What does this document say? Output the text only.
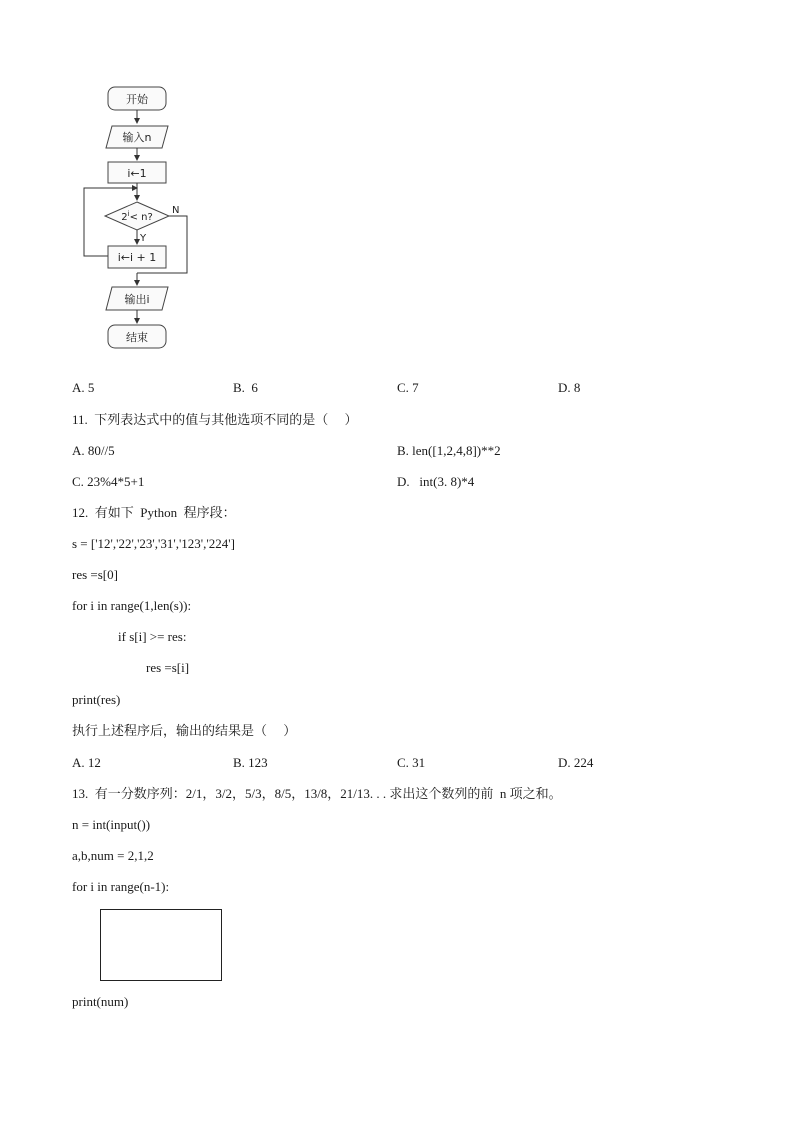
开始
输入n
i←1
$2^i< n$?
N
Y
i←i + 1
输出i
结束
A. 5	B.  6	C. 7	D. 8
11.  下列表达式中的值与其他选项不同的是（     ）
A. 80//5	B. len([1,2,4,8])**2
C. 23%4*5+1	D.   int(3. 8)*4
12.  有如下  Python  程序段：
s = ['12','22','23','31','123','224']
res =s[0]
for i in range(1,len(s)):
if s[i] >= res:
res =s[i]
print(res)
执行上述程序后，输出的结果是（     ）
A. 12	B. 123	C. 31	D. 224
13.  有一分数序列：2/1，3/2，5/3，8/5，13/8，21/13. . . 求出这个数列的前  n 项之和。
n = int(input())
a,b,num = 2,1,2
for i in range(n-1):
print(num)
